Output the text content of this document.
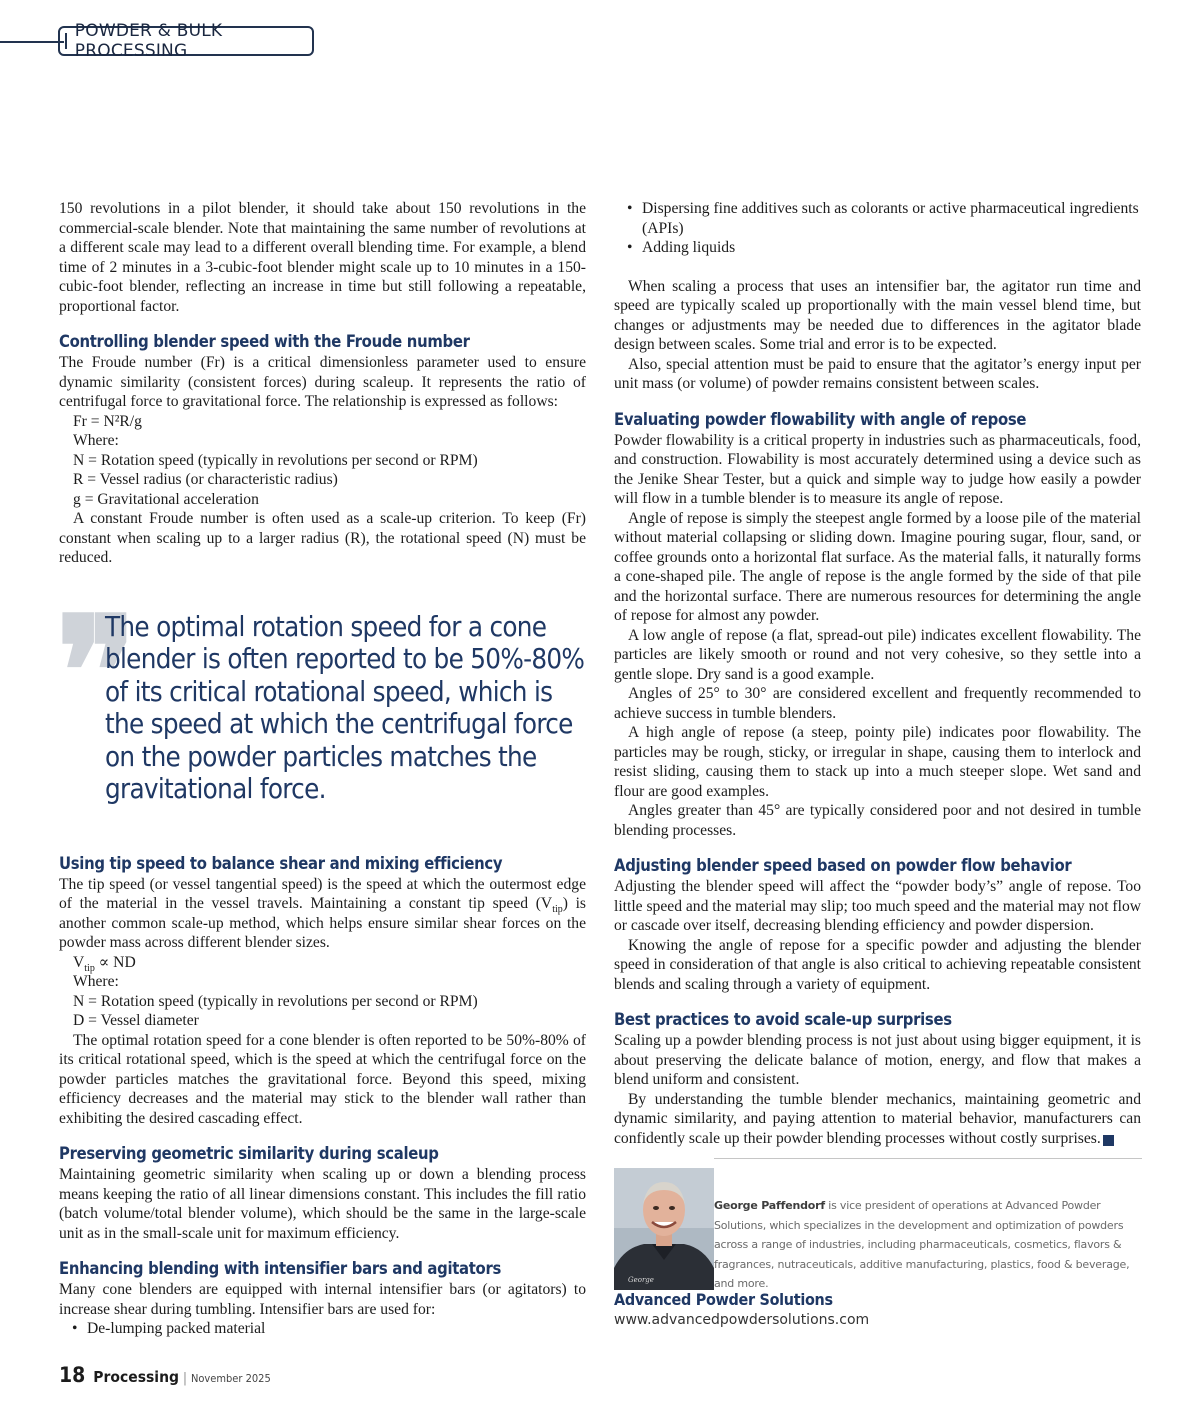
POWDER & BULK PROCESSING

150 revolutions in a pilot blender, it should take about 150 revolutions in the commercial-scale blender. Note that maintaining the same number of revolutions at a different scale may lead to a different overall blending time. For example, a blend time of 2 minutes in a 3-cubic-foot blender might scale up to 10 minutes in a 150-cubic-foot blender, reflecting an increase in time but still following a repeatable, proportional factor.

Controlling blender speed with the Froude number

The Froude number (Fr) is a critical dimensionless parameter used to ensure dynamic similarity (consistent forces) during scaleup. It represents the ratio of centrifugal force to gravitational force. The relationship is expressed as follows:

Fr = N²R/g

Where:

N = Rotation speed (typically in revolutions per second or RPM)

R = Vessel radius (or characteristic radius)

g = Gravitational acceleration

A constant Froude number is often used as a scale-up criterion. To keep (Fr) constant when scaling up to a larger radius (R), the rotational speed (N) must be reduced.

❞
The optimal rotation speed for a cone blender is often reported to be 50%-80% of its critical rotational speed, which is the speed at which the centrifugal force on the powder particles matches the gravitational force.
Using tip speed to balance shear and mixing efficiency

The tip speed (or vessel tangential speed) is the speed at which the outermost edge of the material in the vessel travels. Maintaining a constant tip speed $(V_{tip})$ is another common scale-up method, which helps ensure similar shear forces on the powder mass across different blender sizes.

$V_{tip}$ ∝ ND

Where:

N = Rotation speed (typically in revolutions per second or RPM)

D = Vessel diameter

The optimal rotation speed for a cone blender is often reported to be 50%-80% of its critical rotational speed, which is the speed at which the centrifugal force on the powder particles matches the gravitational force. Beyond this speed, mixing efficiency decreases and the material may stick to the blender wall rather than exhibiting the desired cascading effect.

Preserving geometric similarity during scaleup

Maintaining geometric similarity when scaling up or down a blending process means keeping the ratio of all linear dimensions constant. This includes the fill ratio (batch volume/total blender volume), which should be the same in the large-scale unit as in the small-scale unit for maximum efficiency.

Enhancing blending with intensifier bars and agitators

Many cone blenders are equipped with internal intensifier bars (or agitators) to increase shear during tumbling. Intensifier bars are used for:

• De-lumping packed material
• Dispersing fine additives such as colorants or active pharmaceutical ingredients (APIs)
• Adding liquids

When scaling a process that uses an intensifier bar, the agitator run time and speed are typically scaled up proportionally with the main vessel blend time, but changes or adjustments may be needed due to differences in the agitator blade design between scales. Some trial and error is to be expected.

Also, special attention must be paid to ensure that the agitator’s energy input per unit mass (or volume) of powder remains consistent between scales.

Evaluating powder flowability with angle of repose

Powder flowability is a critical property in industries such as pharmaceuticals, food, and construction. Flowability is most accurately determined using a device such as the Jenike Shear Tester, but a quick and simple way to judge how easily a powder will flow in a tumble blender is to measure its angle of repose.

Angle of repose is simply the steepest angle formed by a loose pile of the material without material collapsing or sliding down. Imagine pouring sugar, flour, sand, or coffee grounds onto a horizontal flat surface. As the material falls, it naturally forms a cone-shaped pile. The angle of repose is the angle formed by the side of that pile and the horizontal surface. There are numerous resources for determining the angle of repose for almost any powder.

A low angle of repose (a flat, spread-out pile) indicates excellent flowability. The particles are likely smooth or round and not very cohesive, so they settle into a gentle slope. Dry sand is a good example.

Angles of 25° to 30° are considered excellent and frequently recommended to achieve success in tumble blenders.

A high angle of repose (a steep, pointy pile) indicates poor flowability. The particles may be rough, sticky, or irregular in shape, causing them to interlock and resist sliding, causing them to stack up into a much steeper slope. Wet sand and flour are good examples.

Angles greater than 45° are typically considered poor and not desired in tumble blending processes.

Adjusting blender speed based on powder flow behavior

Adjusting the blender speed will affect the “powder body’s” angle of repose. Too little speed and the material may slip; too much speed and the material may not flow or cascade over itself, decreasing blending efficiency and powder dispersion.

Knowing the angle of repose for a specific powder and adjusting the blender speed in consideration of that angle is also critical to achieving repeatable consistent blends and scaling through a variety of equipment.

Best practices to avoid scale-up surprises

Scaling up a powder blending process is not just about using bigger equipment, it is about preserving the delicate balance of motion, energy, and flow that makes a blend uniform and consistent.

By understanding the tumble blender mechanics, maintaining geometric and dynamic similarity, and paying attention to material behavior, manufacturers can confidently scale up their powder blending processes without costly surprises. PR

George
George Paffendorf is vice president of operations at Advanced Powder Solutions, which specializes in the development and optimization of powders across a range of industries, including pharmaceuticals, cosmetics, flavors & fragrances, nutraceuticals, additive manufacturing, plastics, food & beverage, and more.
Advanced Powder Solutions
www.advancedpowdersolutions.com
18 Processing | November 2025
